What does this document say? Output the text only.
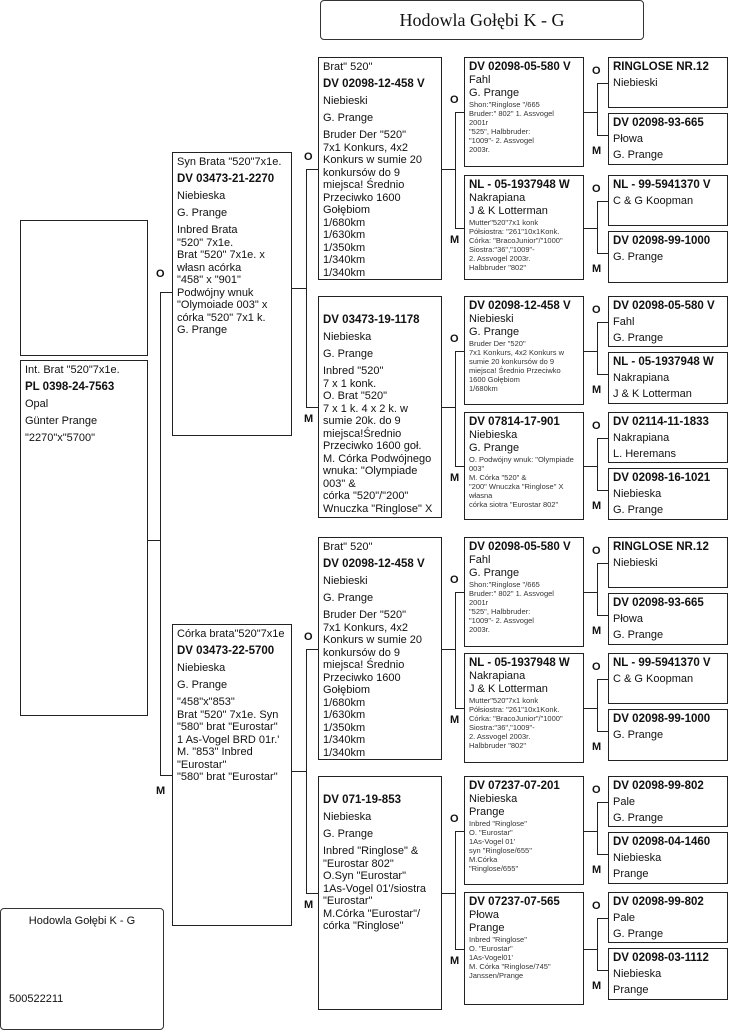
Hodowla Gołębi K - G
Hodowla Gołębi K - G
500522211
Int. Brat "520"7x1e.
PL 0398-24-7563
Opal
Günter Prange
"2270"x"5700"
Syn Brata "520"7x1e.
DV 03473-21-2270
Niebieska
G. Prange
Inbred Brata
"520" 7x1e.
Brat "520" 7x1e. x
własn acórka
"458" x "901"
Podwójny wnuk
"Olymoiade 003" x
córka "520" 7x1 k.
G. Prange
Córka brata"520"7x1e
DV 03473-22-5700
Niebieska
G. Prange
"458"x"853"
Brat "520" 7x1e. Syn
"580" brat "Eurostar"
1 As-Vogel BRD 01r.'
M. "853" Inbred
"Eurostar"
"580" brat "Eurostar"
O
M
Brat" 520"
DV 02098-12-458 V
Niebieski
G. Prange
Bruder Der "520"
7x1 Konkurs, 4x2
Konkurs w sumie 20
konkursów do 9
miejsca! Średnio
Przeciwko 1600
Gołębiom
1/680km
1/630km
1/350km
1/340km
1/340km
DV 03473-19-1178
Niebieska
G. Prange
Inbred "520"
7 x 1 konk.
O. Brat "520"
7 x 1 k. 4 x 2 k. w
sumie 20k. do 9
miejsca!Średnio
Przeciwko 1600 goł.
M. Córka Podwójnego
wnuka: "Olympiade
003" &
córka "520"/"200"
Wnuczka "Ringlose" X
Brat" 520"
DV 02098-12-458 V
Niebieski
G. Prange
Bruder Der "520"
7x1 Konkurs, 4x2
Konkurs w sumie 20
konkursów do 9
miejsca! Średnio
Przeciwko 1600
Gołębiom
1/680km
1/630km
1/350km
1/340km
1/340km
DV 071-19-853
Niebieska
G. Prange
Inbred "Ringlose" &
"Eurostar 802"
O.Syn "Eurostar"
1As-Vogel 01'/siostra
"Eurostar"
M.Córka "Eurostar"/
córka "Ringlose"
DV 02098-05-580 V
Fahl
G. Prange
Shon:"Ringlose "/665
Bruder:" 802" 1. Assvogel
2001r
"525", Halbbruder:
"1009"- 2. Assvogel
2003r.
NL - 05-1937948 W
Nakrapiana
J & K Lotterman
Mutter"520"7x1 konk
Półsiostra: "261"10x1Konk.
Córka: "BracoJunior"/"1000"
Siostra:"36","1009"-
2. Assvogel 2003r.
Halbbruder "802"
DV 02098-12-458 V
Niebieski
G. Prange
Bruder Der "520"
7x1 Konkurs, 4x2 Konkurs w sumie 20 konkursów do 9 miejsca! Średnio Przeciwko 1600 Gołębiom
1/680km
DV 07814-17-901
Niebieska
G. Prange
O. Podwójny wnuk: "Olympiade 003"
M. Córka "520" &
"200" Wnuczka "Ringlose" X własna
córka siotra "Eurostar 802"
DV 02098-05-580 V
Fahl
G. Prange
Shon:"Ringlose "/665
Bruder:" 802" 1. Assvogel
2001r
"525", Halbbruder:
"1009"- 2. Assvogel
2003r.
NL - 05-1937948 W
Nakrapiana
J & K Lotterman
Mutter"520"7x1 konk
Półsiostra: "261"10x1Konk.
Córka: "BracoJunior"/"1000"
Siostra:"36","1009"-
2. Assvogel 2003r.
Halbbruder "802"
DV 07237-07-201
Niebieska
Prange
Inbred "Ringlose"
O. "Eurostar"
1As-Vogel 01'
syn "Ringlose/655"
M.Córka
"Ringlose/655"
DV 07237-07-565
Płowa
Prange
Inbred "Ringlose"
O. "Eurostar"
1As-Vogel01'
M. Córka "Ringlose/745"
Janssen/Prange
RINGLOSE NR.12
Niebieski
DV 02098-93-665
Płowa
G. Prange
NL - 99-5941370 V
C & G Koopman
DV 02098-99-1000
G. Prange
DV 02098-05-580 V
Fahl
G. Prange
NL - 05-1937948 W
Nakrapiana
J & K Lotterman
DV 02114-11-1833
Nakrapiana
L. Heremans
DV 02098-16-1021
Niebieska
G. Prange
RINGLOSE NR.12
Niebieski
DV 02098-93-665
Płowa
G. Prange
NL - 99-5941370 V
C & G Koopman
DV 02098-99-1000
G. Prange
DV 02098-99-802
Pale
G. Prange
DV 02098-04-1460
Niebieska
Prange
DV 02098-99-802
Pale
G. Prange
DV 02098-03-1112
Niebieska
Prange
O
M
O
M
O
M
O
M
O
M
O
M
O
M
O
M
O
M
O
M
O
M
O
M
O
M
O
M
